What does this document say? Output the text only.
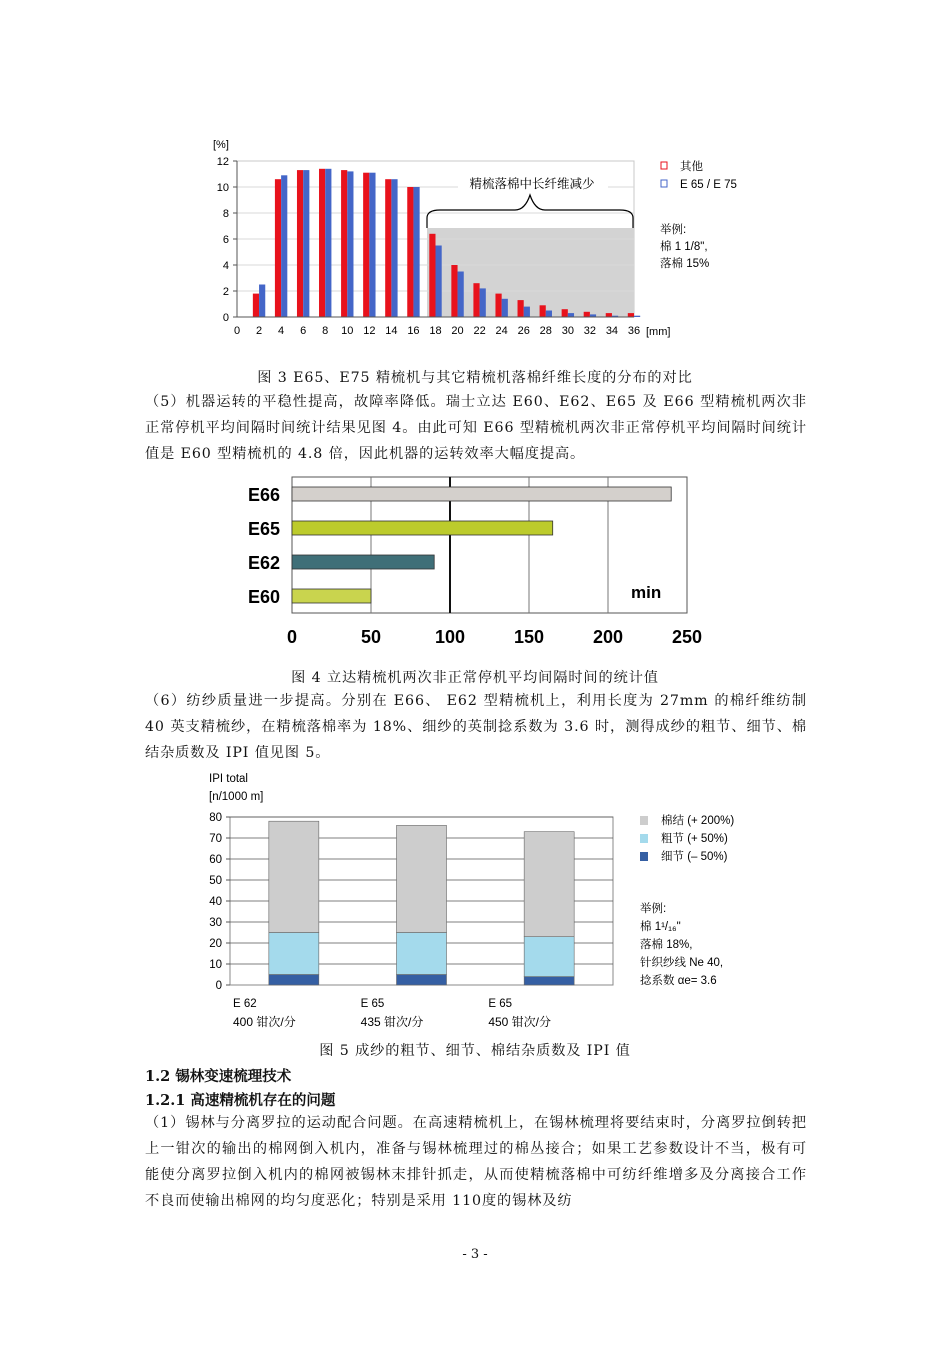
0
2
4
6
8
10
12
0 2 4 6 8 10 12 14 16 18 20 22 24 26 28 30 32 34 36
[%]
[mm]
精梳落棉中长纤维减少
其他
E 65 / E 75
举例:
棉 1 1/8",
落棉 15%
图 3 E65、E75 精梳机与其它精梳机落棉纤维长度的分布的对比

（5）机器运转的平稳性提高，故障率降低。瑞士立达 E60、E62、E65 及 E66 型精梳机两次非正常停机平均间隔时间统计结果见图 4。由此可知 E66 型精梳机两次非正常停机平均间隔时间统计值是 E60 型精梳机的 4.8 倍，因此机器的运转效率大幅度提高。

E66
E65
E62
E60
0	50	100	150	200	250
min
图 4 立达精梳机两次非正常停机平均间隔时间的统计值

（6）纺纱质量进一步提高。分别在 E66、 E62 型精梳机上，利用长度为 27mm 的棉纤维纺制 40 英支精梳纱，在精梳落棉率为 18%、细纱的英制捻系数为 3.6 时，测得成纱的粗节、细节、棉结杂质数及 IPI 值见图 5。

IPI total
[n/1000 m]
0
10
20
30
40
50
60
70
80
E 62
400 钳次/分
E 65
435 钳次/分
E 65
450 钳次/分
棉结 (+ 200%)
粗节 (+ 50%)
细节 (– 50%)
举例:
棉 1¹/₁₆"
落棉 18%,
针织纱线 Ne 40,
捻系数 αe= 3.6
图 5 成纱的粗节、细节、棉结杂质数及 IPI 值
1.2 锡林变速梳理技术
1.2.1 高速精梳机存在的问题

（1）锡林与分离罗拉的运动配合问题。在高速精梳机上，在锡林梳理将要结束时，分离罗拉倒转把上一钳次的输出的棉网倒入机内，准备与锡林梳理过的棉丛接合；如果工艺参数设计不当，极有可能使分离罗拉倒入机内的棉网被锡林末排针抓走，从而使精梳落棉中可纺纤维增多及分离接合工作不良而使输出棉网的均匀度恶化；特别是采用 110度的锡林及纺

- 3 -
